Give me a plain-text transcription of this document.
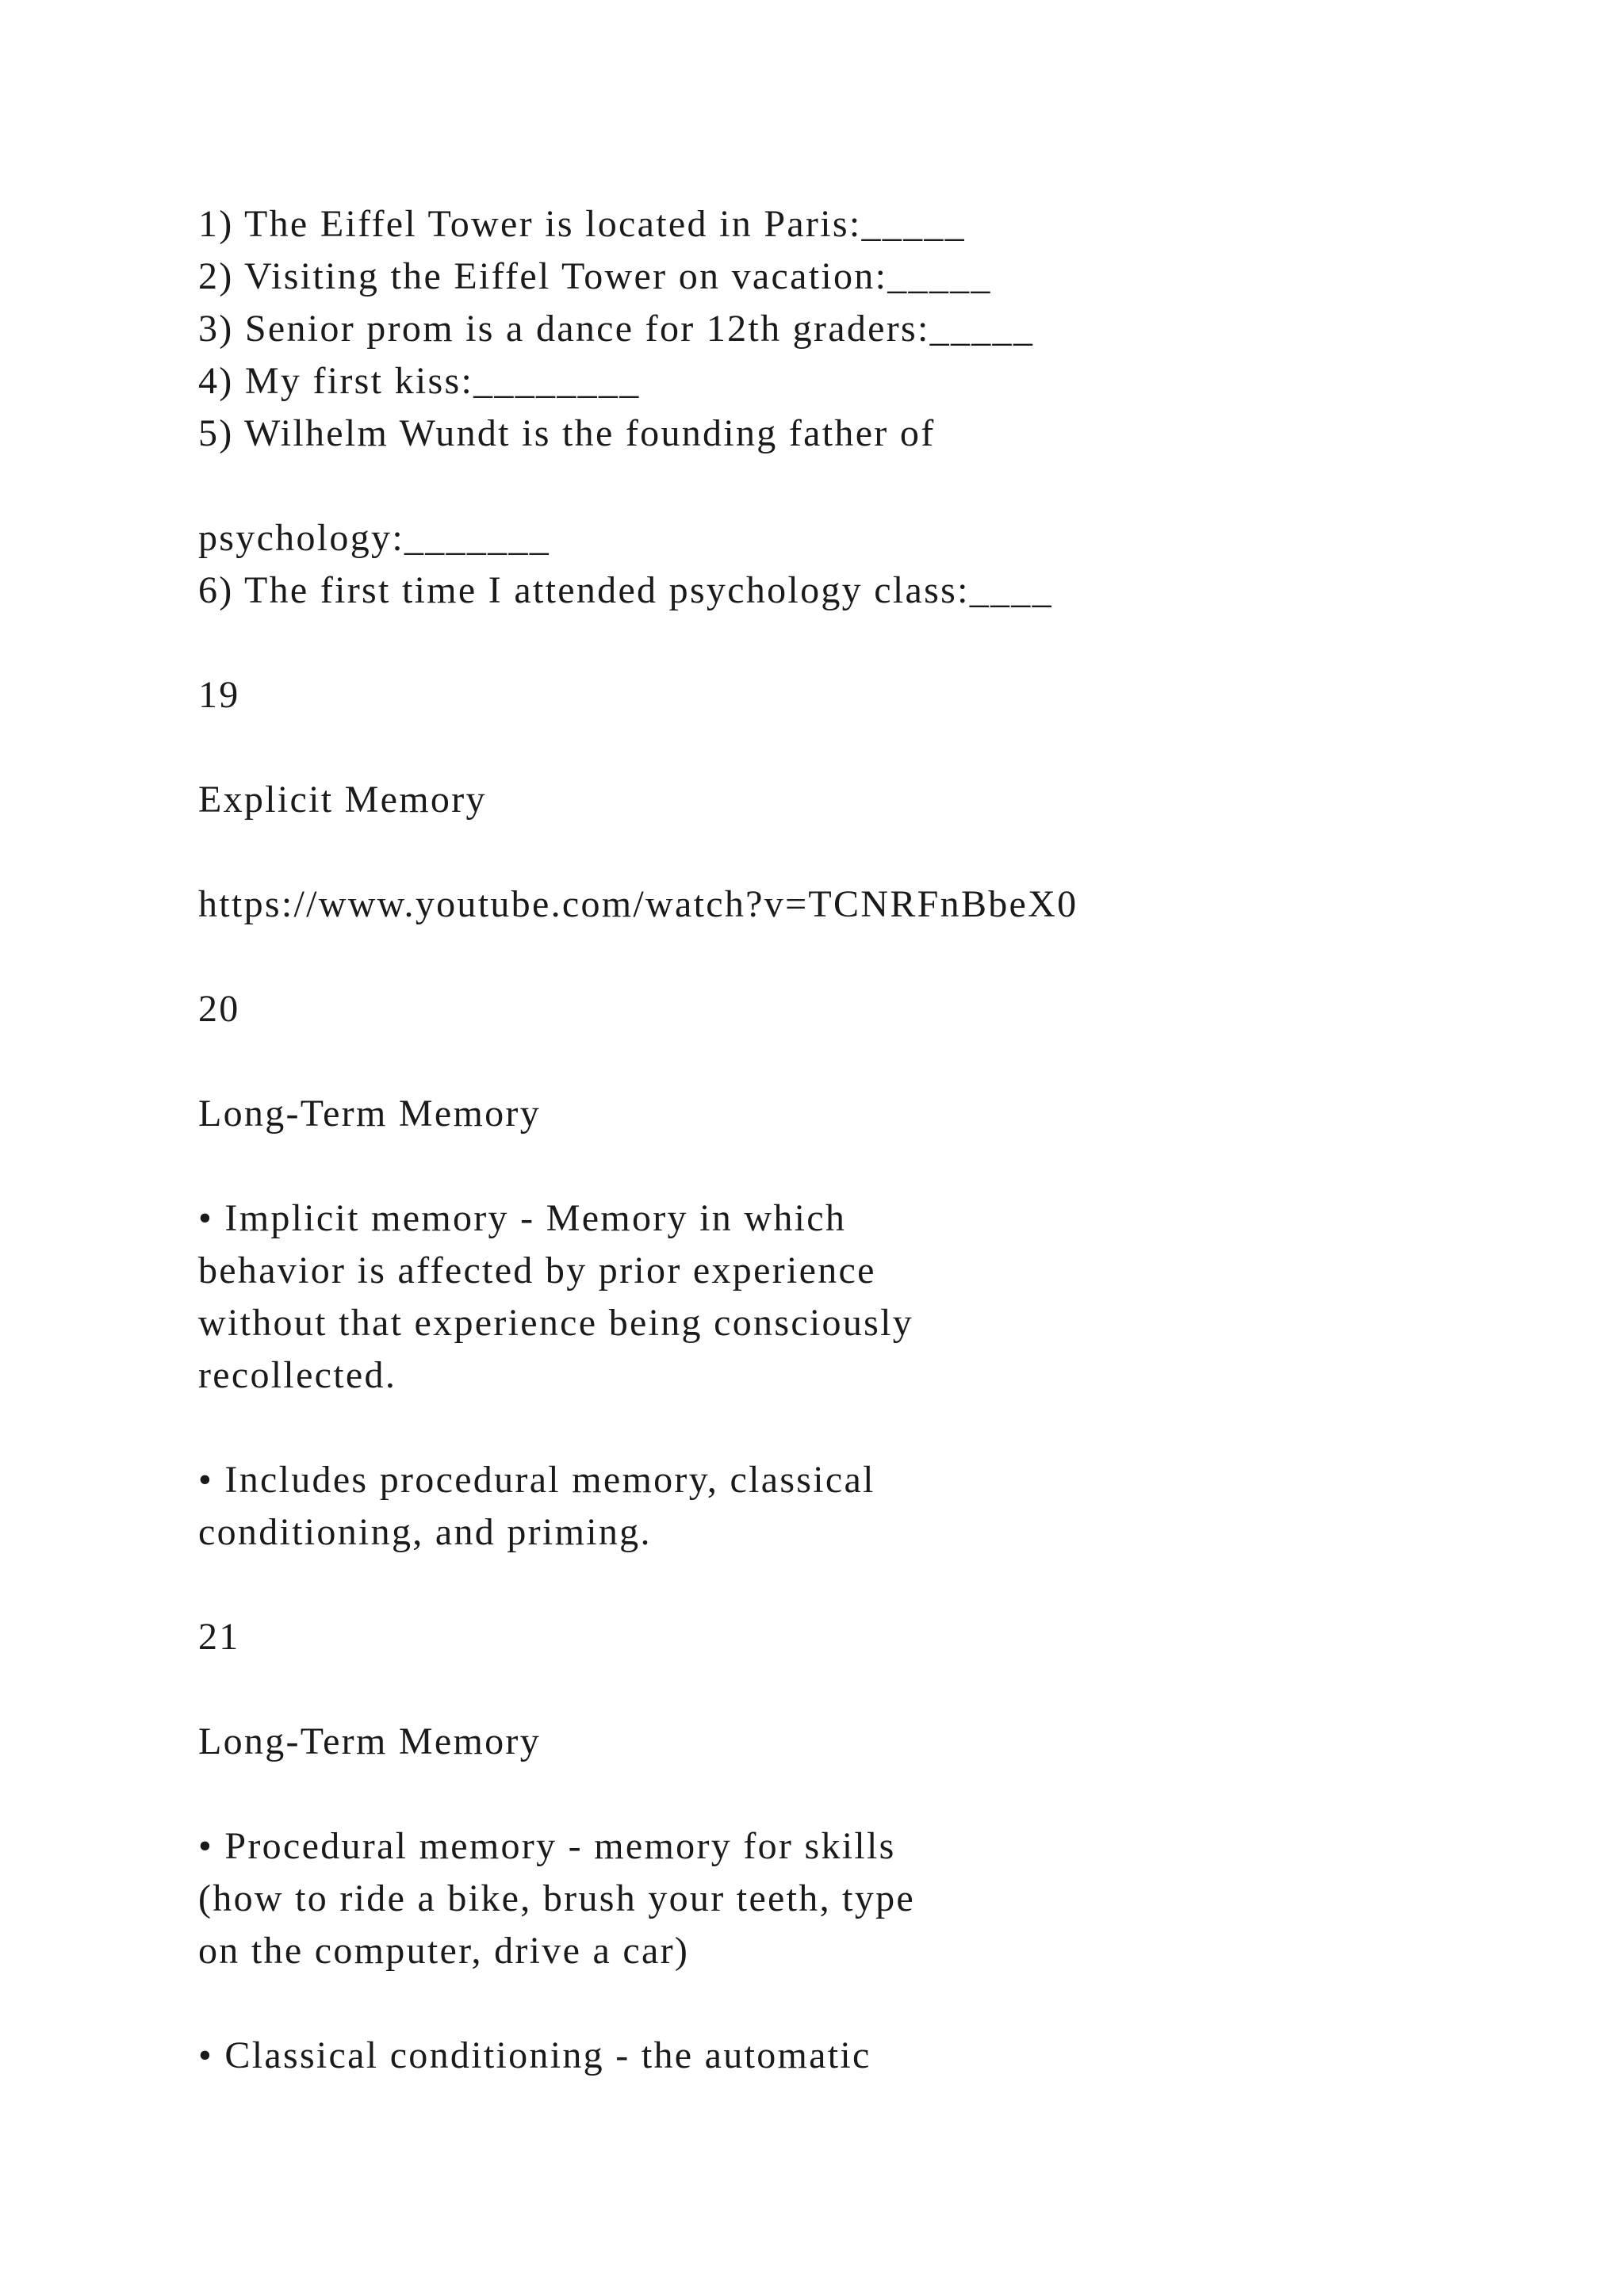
1) The Eiffel Tower is located in Paris:_____
2) Visiting the Eiffel Tower on vacation:_____
3) Senior prom is a dance for 12th graders:_____
4) My first kiss:________
5) Wilhelm Wundt is the founding father of
psychology:_______
6) The first time I attended psychology class:____
19
Explicit Memory
https://www.youtube.com/watch?v=TCNRFnBbeX0
20
Long-Term Memory
• Implicit memory - Memory in which
behavior is affected by prior experience
without that experience being consciously
recollected.
• Includes procedural memory, classical
conditioning, and priming.
21
Long-Term Memory
• Procedural memory - memory for skills
(how to ride a bike, brush your teeth, type
on the computer, drive a car)
• Classical conditioning - the automatic
